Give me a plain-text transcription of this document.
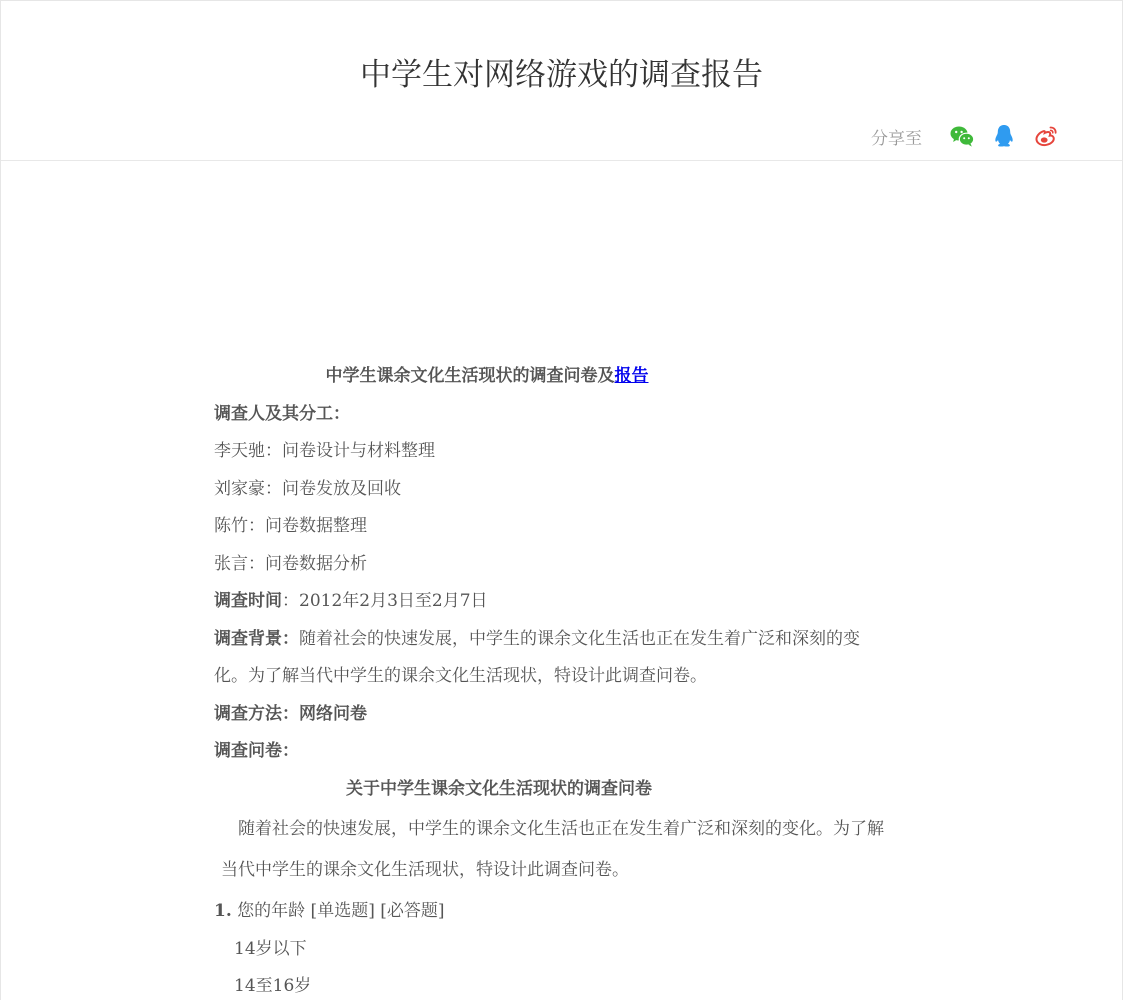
中学生对网络游戏的调查报告
分享至

中学生课余文化生活现状的调查问卷及报告

调查人及其分工：

李天驰：问卷设计与材料整理

刘家豪：问卷发放及回收

陈竹：问卷数据整理

张言：问卷数据分析

调查时间：2012年2月3日至2月7日

调查背景：随着社会的快速发展，中学生的课余文化生活也正在发生着广泛和深刻的变

化。为了解当代中学生的课余文化生活现状，特设计此调查问卷。

调查方法：网络问卷

调查问卷：

关于中学生课余文化生活现状的调查问卷

随着社会的快速发展，中学生的课余文化生活也正在发生着广泛和深刻的变化。为了解

当代中学生的课余文化生活现状，特设计此调查问卷。

1. 您的年龄 [单选题] [必答题]

14岁以下

14至16岁
